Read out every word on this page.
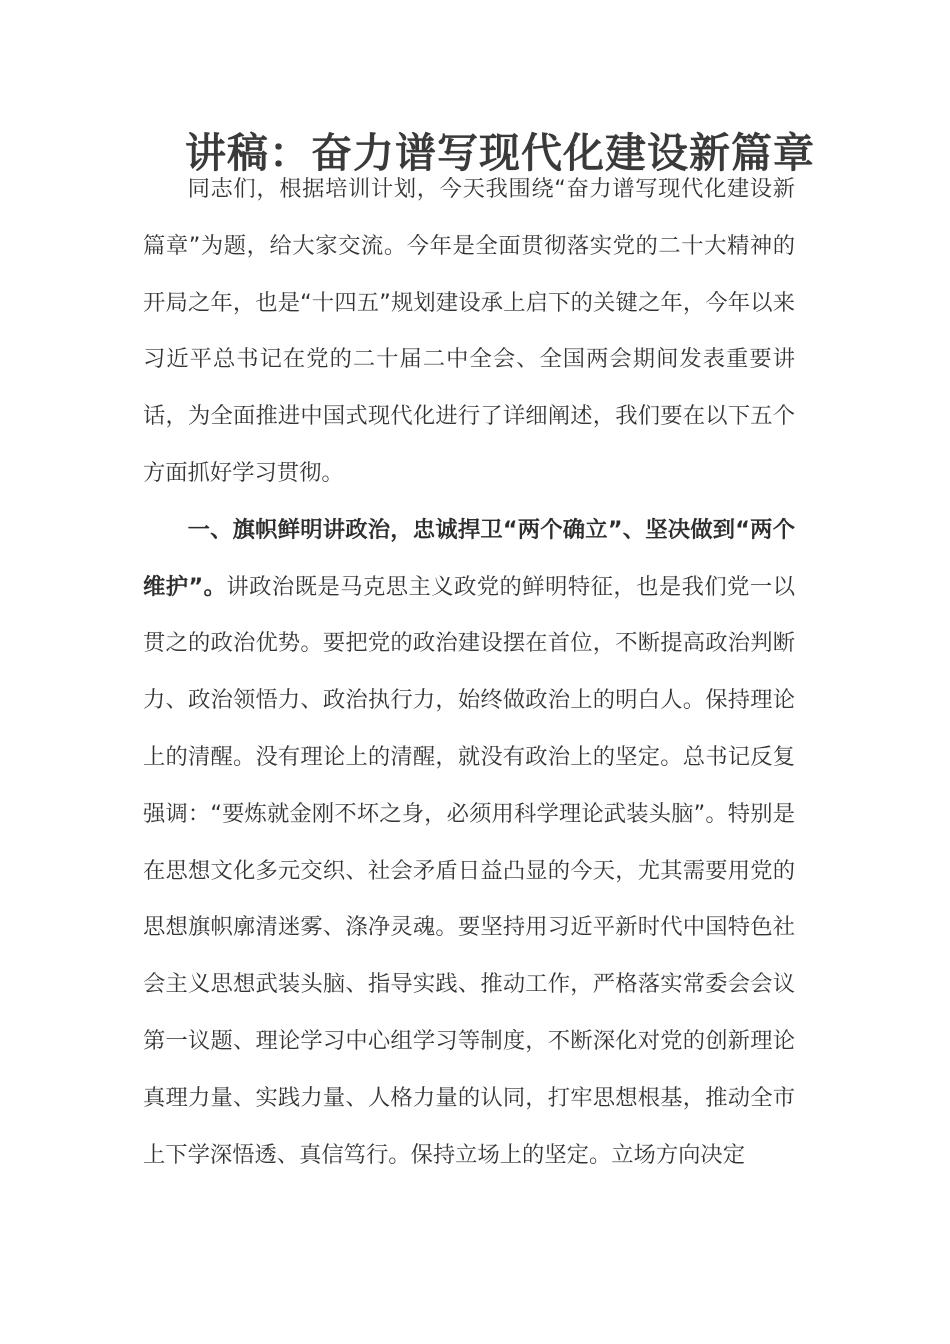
讲稿：奋力谱写现代化建设新篇章

同志们，根据培训计划，今天我围绕“奋力谱写现代化建设新篇章”为题，给大家交流。今年是全面贯彻落实党的二十大精神的开局之年，也是“十四五”规划建设承上启下的关键之年，今年以来习近平总书记在党的二十届二中全会、全国两会期间发表重要讲话，为全面推进中国式现代化进行了详细阐述，我们要在以下五个方面抓好学习贯彻。

一、旗帜鲜明讲政治，忠诚捍卫“两个确立”、坚决做到“两个维护”。讲政治既是马克思主义政党的鲜明特征，也是我们党一以贯之的政治优势。要把党的政治建设摆在首位，不断提高政治判断力、政治领悟力、政治执行力，始终做政治上的明白人。保持理论上的清醒。没有理论上的清醒，就没有政治上的坚定。总书记反复强调：“要炼就金刚不坏之身，必须用科学理论武装头脑”。特别是在思想文化多元交织、社会矛盾日益凸显的今天，尤其需要用党的思想旗帜廓清迷雾、涤净灵魂。要坚持用习近平新时代中国特色社会主义思想武装头脑、指导实践、推动工作，严格落实常委会会议第一议题、理论学习中心组学习等制度，不断深化对党的创新理论真理力量、实践力量、人格力量的认同，打牢思想根基，推动全市上下学深悟透、真信笃行。保持立场上的坚定。立场方向决定
